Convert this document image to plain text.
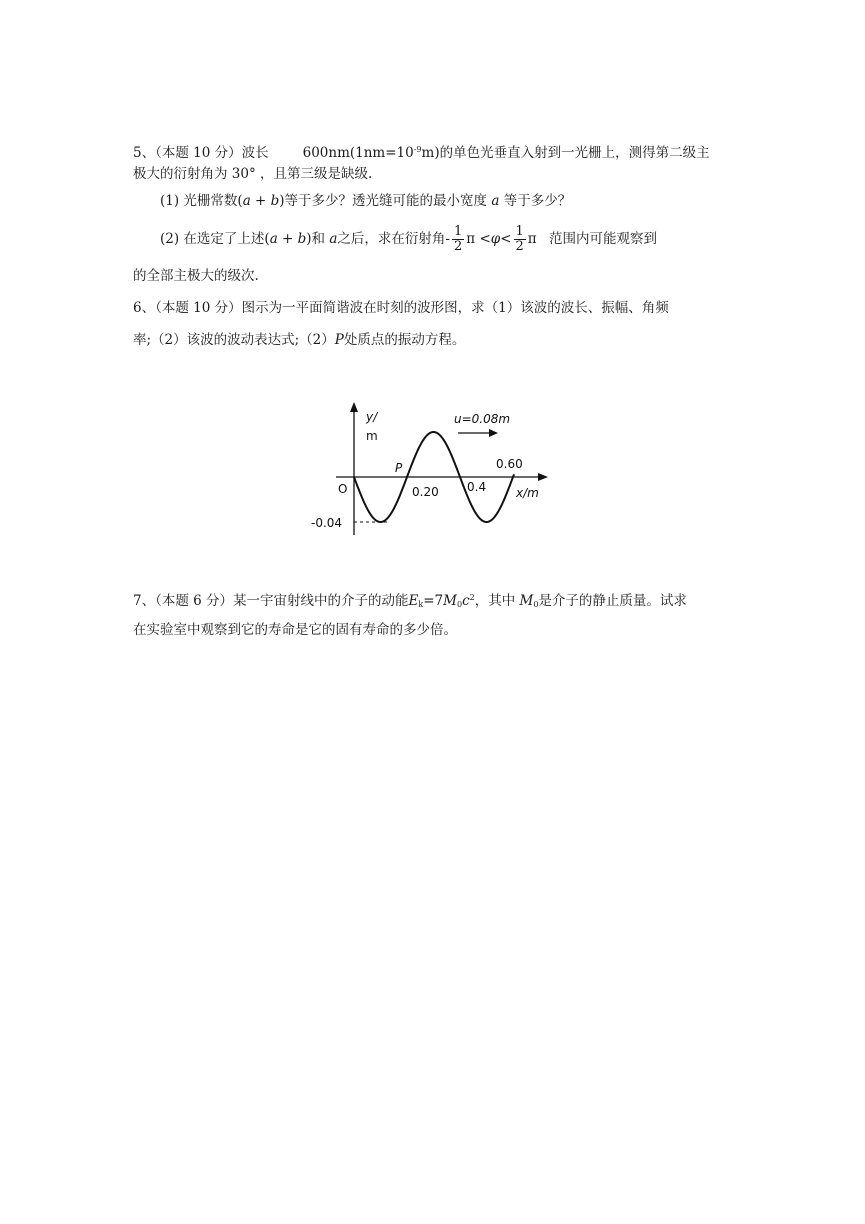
5、（本题 10 分）波长	$600nm(1nm=10^{-9}m)$的单色光垂直入射到一光栅上，测得第二级主
极大的衍射角为 30° ，且第三级是缺级.
(1) 光栅常数(a + b)等于多少？透光缝可能的最小宽度 a 等于多少？
(2) 在选定了上述(a + b)和 a之后，求在衍射角- $\frac{1}{2}$ $\pi <\varphi< \frac{1}{2}$ π 范围内可能观察到
的全部主极大的级次.
6、（本题 10 分）图示为一平面简谐波在时刻的波形图，求（1）该波的波长、振幅、角频
率;（2）该波的波动表达式;（2）P处质点的振动方程。
y/
m
u=0.08m
O
P
0.20 0.4
0.60
x/m
-0.04
7、（本题 6 分）某一宇宙射线中的介子的动能$E_k=7M_0c^2$，其中 $M_0$是介子的静止质量。试求
在实验室中观察到它的寿命是它的固有寿命的多少倍。
